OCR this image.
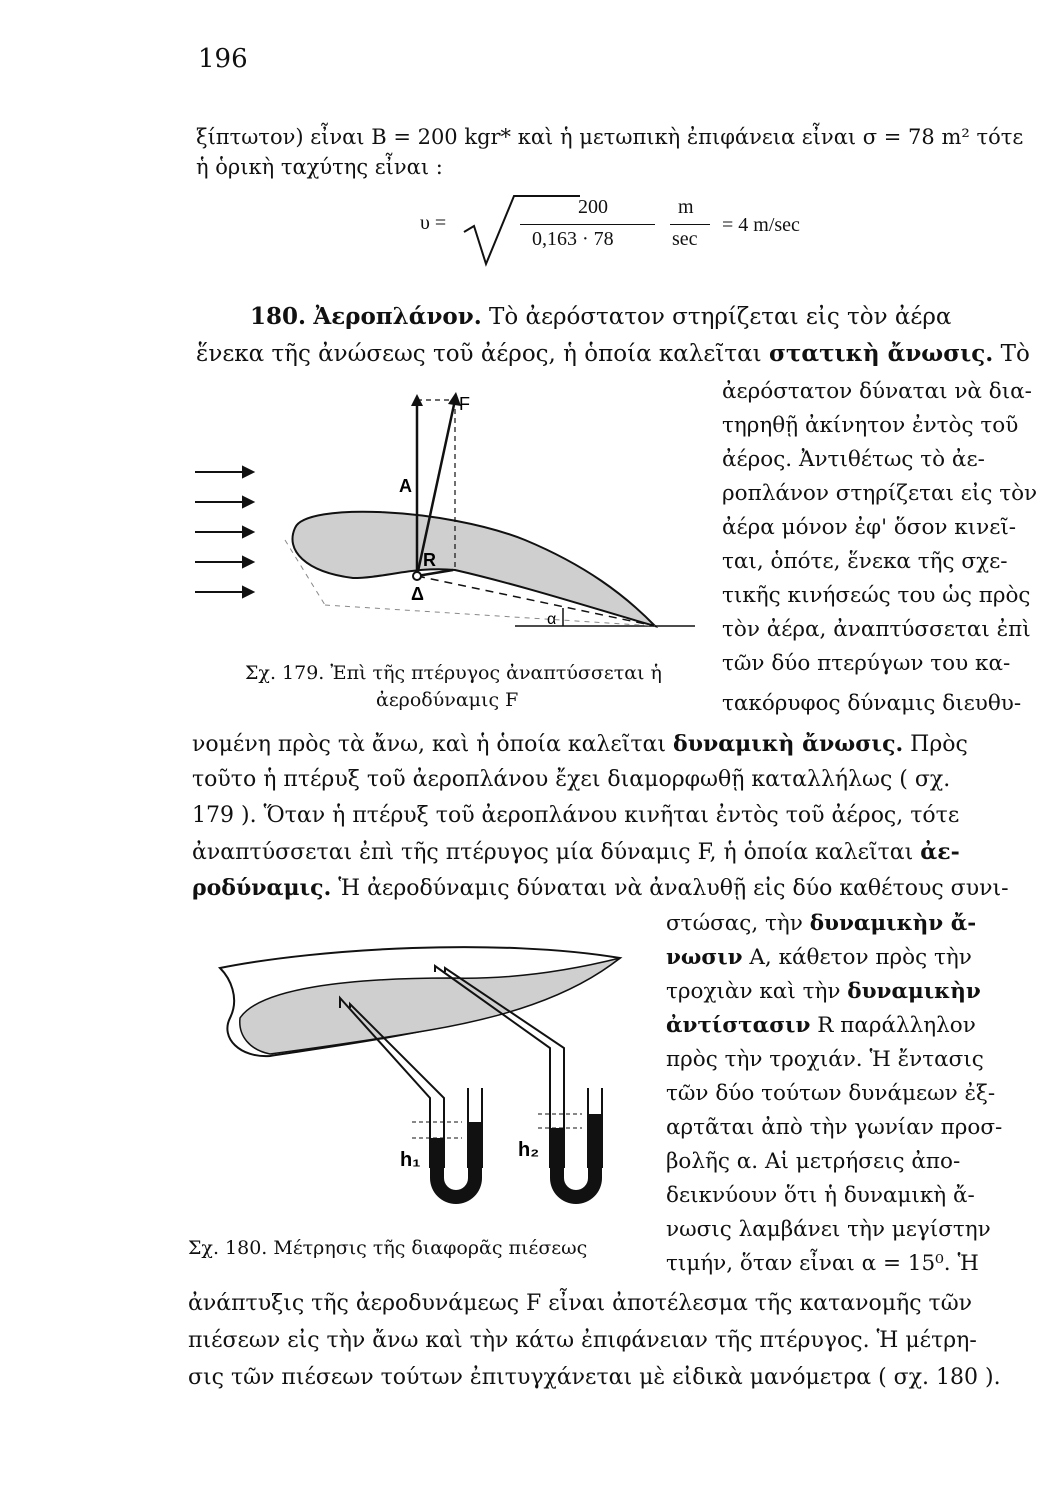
196
ξίπτωτον) εἶναι B = 200 kgr* καὶ ἡ μετωπικὴ ἐπιφάνεια εἶναι σ = 78 m² τότε
ἡ ὁρικὴ ταχύτης εἶναι :
υ =
200
0,163 · 78
m
sec
= 4 m/sec
180. Ἀεροπλάνον. Τὸ ἀερόστατον στηρίζεται εἰς τὸν ἀέρα
ἕνεκα τῆς ἀνώσεως τοῦ ἀέρος, ἡ ὁποία καλεῖται στατικὴ ἄνωσις. Τὸ
ἀερόστατον δύναται νὰ δια-
τηρηθῇ ἀκίνητον ἐντὸς τοῦ
ἀέρος. Ἀντιθέτως τὸ ἀε-
ροπλάνον στηρίζεται εἰς τὸν
ἀέρα μόνον ἐφ' ὅσον κινεῖ-
ται, ὁπότε, ἕνεκα τῆς σχε-
τικῆς κινήσεώς του ὡς πρὸς
τὸν ἀέρα, ἀναπτύσσεται ἐπὶ
τῶν δύο πτερύγων του κα-
τακόρυφος δύναμις διευθυ-
F
A
R
Δ
α
Σχ. 179. Ἐπὶ τῆς πτέρυγος ἀναπτύσσεται ἡ
ἀεροδύναμις F
νομένη πρὸς τὰ ἄνω, καὶ ἡ ὁποία καλεῖται δυναμικὴ ἄνωσις. Πρὸς
τοῦτο ἡ πτέρυξ τοῦ ἀεροπλάνου ἔχει διαμορφωθῇ καταλλήλως ( σχ.
179 ). Ὅταν ἡ πτέρυξ τοῦ ἀεροπλάνου κινῆται ἐντὸς τοῦ ἀέρος, τότε
ἀναπτύσσεται ἐπὶ τῆς πτέρυγος μία δύναμις F, ἡ ὁποία καλεῖται ἀε-
ροδύναμις. Ἡ ἀεροδύναμις δύναται νὰ ἀναλυθῇ εἰς δύο καθέτους συνι-
στώσας, τὴν δυναμικὴν ἄ-
νωσιν A, κάθετον πρὸς τὴν
τροχιὰν καὶ τὴν δυναμικὴν
ἀντίστασιν R παράλληλον
πρὸς τὴν τροχιάν. Ἡ ἔντασις
τῶν δύο τούτων δυνάμεων ἐξ-
αρτᾶται ἀπὸ τὴν γωνίαν προσ-
βολῆς α. Αἱ μετρήσεις ἀπο-
δεικνύουν ὅτι ἡ δυναμικὴ ἄ-
νωσις λαμβάνει τὴν μεγίστην
τιμήν, ὅταν εἶναι α = 15⁰. Ἡ
h₁	h₂
Σχ. 180. Μέτρησις τῆς διαφορᾶς πιέσεως
ἀνάπτυξις τῆς ἀεροδυνάμεως F εἶναι ἀποτέλεσμα τῆς κατανομῆς τῶν
πιέσεων εἰς τὴν ἄνω καὶ τὴν κάτω ἐπιφάνειαν τῆς πτέρυγος. Ἡ μέτρη-
σις τῶν πιέσεων τούτων ἐπιτυγχάνεται μὲ εἰδικὰ μανόμετρα ( σχ. 180 ).
